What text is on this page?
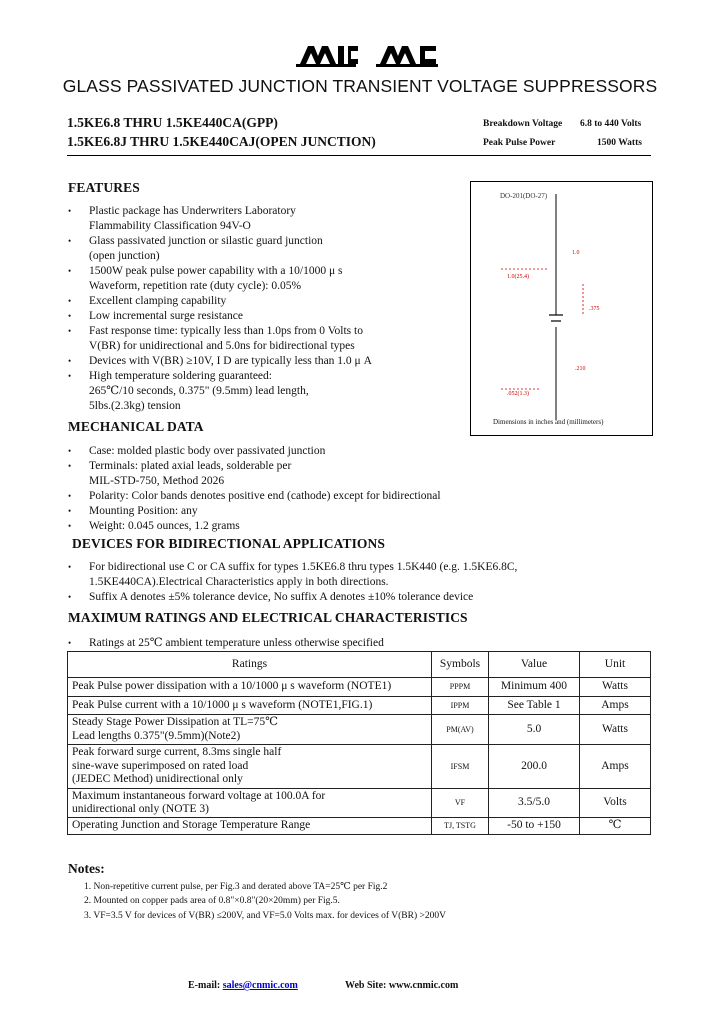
GLASS PASSIVATED JUNCTION TRANSIENT VOLTAGE SUPPRESSORS
1.5KE6.8 THRU 1.5KE440CA(GPP)
1.5KE6.8J THRU 1.5KE440CAJ(OPEN JUNCTION)
Breakdown Voltage 6.8 to 440 Volts
Peak Pulse Power	1500 Watts
FEATURES
• Plastic package has Underwriters Laboratory
Flammability Classification 94V-O
• Glass passivated junction or silastic guard junction
(open junction)
• 1500W peak pulse power capability with a 10/1000 μ s
Waveform, repetition rate (duty cycle): 0.05%
• Excellent clamping capability
• Low incremental surge resistance
• Fast response time: typically less than 1.0ps from 0 Volts to
V(BR) for unidirectional and 5.0ns for bidirectional types
• Devices with V(BR) ≥10V, I D are typically less than 1.0 μ A
• High temperature soldering guaranteed:
265℃/10 seconds, 0.375" (9.5mm) lead length,
5lbs.(2.3kg) tension
DO-201(DO-27)
1.0(25.4)
1.0
.375
.210
.052(1.3)
Dimensions in inches and (millimeters)
MECHANICAL DATA
• Case: molded plastic body over passivated junction
• Terminals: plated axial leads, solderable per
MIL-STD-750, Method 2026
• Polarity: Color bands denotes positive end (cathode) except for bidirectional
• Mounting Position: any
• Weight: 0.045 ounces, 1.2 grams
DEVICES FOR BIDIRECTIONAL APPLICATIONS
• For bidirectional use C or CA suffix for types 1.5KE6.8 thru types 1.5K440 (e.g. 1.5KE6.8C,
1.5KE440CA).Electrical Characteristics apply in both directions.
• Suffix A denotes ±5% tolerance device, No suffix A denotes ±10% tolerance device
MAXIMUM RATINGS AND ELECTRICAL CHARACTERISTICS
• Ratings at 25℃ ambient temperature unless otherwise specified
Ratings	Symbols	Value	Unit
Peak Pulse power dissipation with a 10/1000 μ s waveform (NOTE1)	PPPM	Minimum 400	Watts
Peak Pulse current with a 10/1000 μ s waveform (NOTE1,FIG.1)	IPPM	See Table 1	Amps
Steady Stage Power Dissipation at TL=75℃
Lead lengths 0.375"(9.5mm)(Note2)	PM(AV)	5.0	Watts
Peak forward surge current, 8.3ms single half
sine-wave superimposed on rated load
(JEDEC Method) unidirectional only	IFSM	200.0	Amps
Maximum instantaneous forward voltage at 100.0A for
unidirectional only (NOTE 3)	VF	3.5/5.0	Volts
Operating Junction and Storage Temperature Range	TJ, TSTG	-50 to +150	℃
Notes:
1. Non-repetitive current pulse, per Fig.3 and derated above TA=25℃ per Fig.2
2. Mounted on copper pads area of 0.8"×0.8"(20×20mm) per Fig.5.
3. VF=3.5 V for devices of V(BR) ≤200V, and VF=5.0 Volts max. for devices of V(BR) >200V
E-mail: sales@cnmic.com	Web Site: www.cnmic.com
